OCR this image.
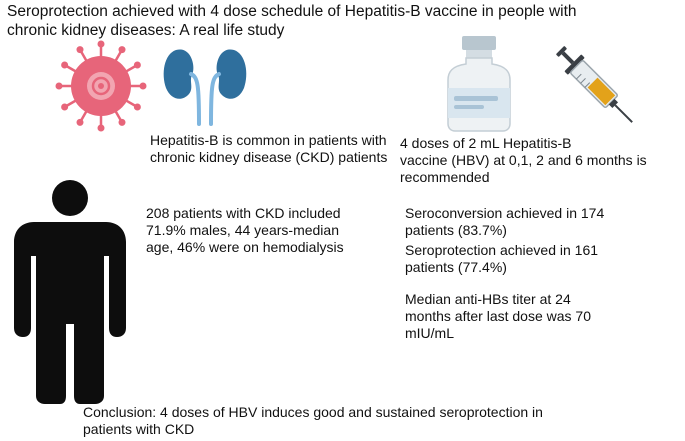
Seroprotection achieved with 4 dose schedule of Hepatitis-B vaccine in people with
chronic kidney diseases: A real life study
Hepatitis-B is common in patients with
chronic kidney disease (CKD) patients
4 doses of 2 mL Hepatitis-B
vaccine (HBV) at 0,1, 2 and 6 months is
recommended
208 patients with CKD included
71.9% males, 44 years-median
age, 46% were on hemodialysis
Seroconversion achieved in 174
patients (83.7%)
Seroprotection achieved in 161
patients (77.4%)
Median anti-HBs titer at 24
months after last dose was 70
mIU/mL
Conclusion: 4 doses of HBV induces good and sustained seroprotection in
patients with CKD
